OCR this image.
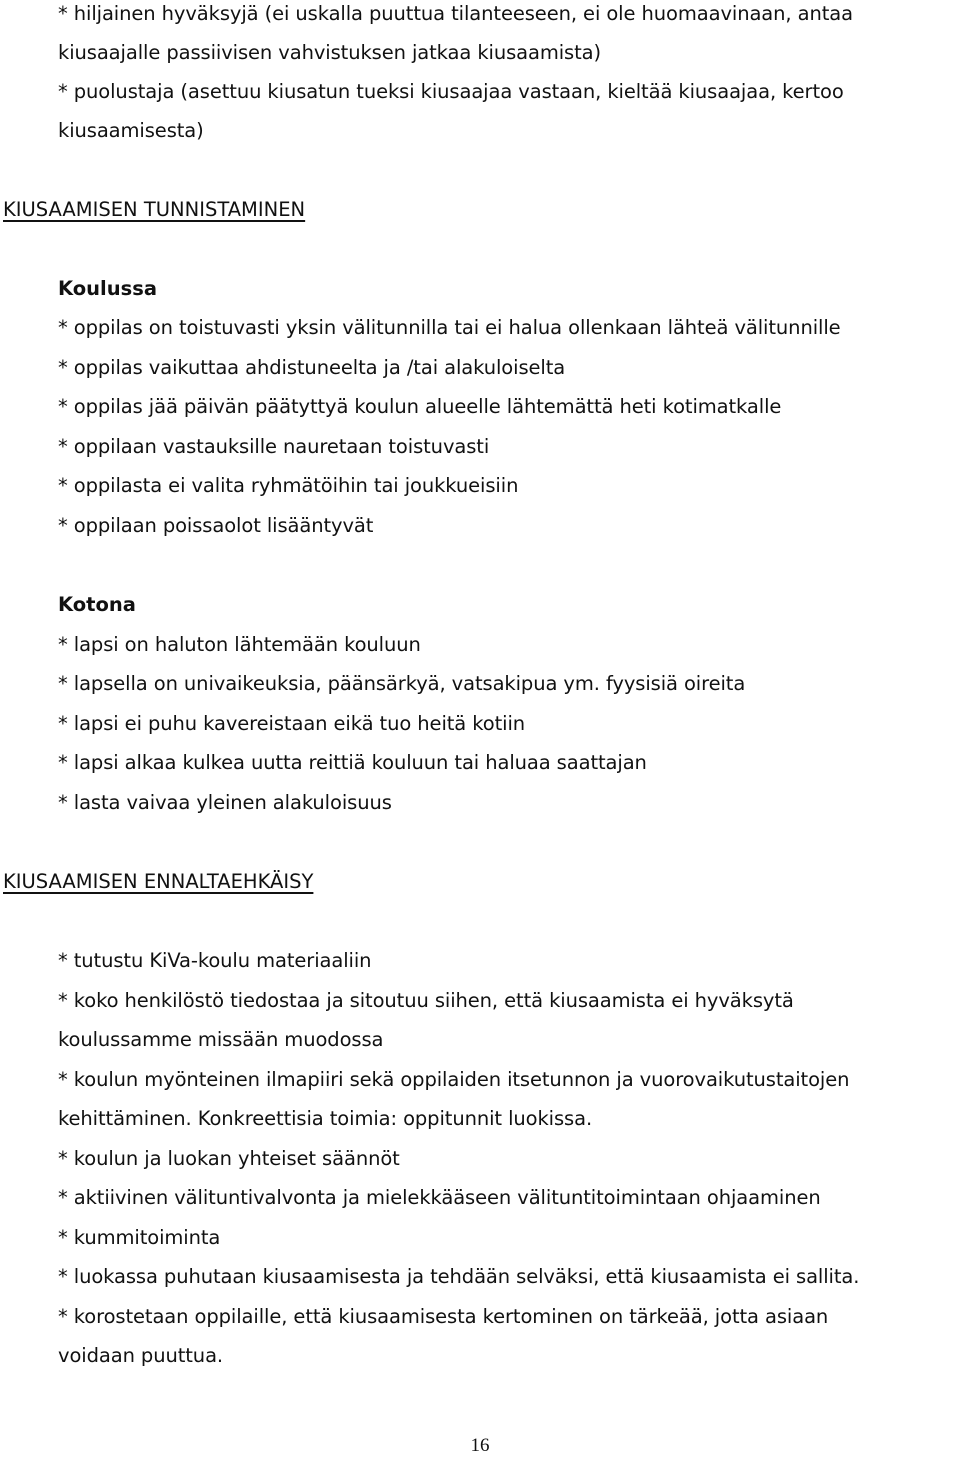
* hiljainen hyväksyjä (ei uskalla puuttua tilanteeseen, ei ole huomaavinaan, antaa
kiusaajalle passiivisen vahvistuksen jatkaa kiusaamista)
* puolustaja (asettuu kiusatun tueksi kiusaajaa vastaan, kieltää kiusaajaa, kertoo
kiusaamisesta)
KIUSAAMISEN TUNNISTAMINEN
Koulussa
* oppilas on toistuvasti yksin välitunnilla tai ei halua ollenkaan lähteä välitunnille
* oppilas vaikuttaa ahdistuneelta ja /tai alakuloiselta
* oppilas jää päivän päätyttyä koulun alueelle lähtemättä heti kotimatkalle
* oppilaan vastauksille nauretaan toistuvasti
* oppilasta ei valita ryhmätöihin tai joukkueisiin
* oppilaan poissaolot lisääntyvät
Kotona
* lapsi on haluton lähtemään kouluun
* lapsella on univaikeuksia, päänsärkyä, vatsakipua ym. fyysisiä oireita
* lapsi ei puhu kavereistaan eikä tuo heitä kotiin
* lapsi alkaa kulkea uutta reittiä kouluun tai haluaa saattajan
* lasta vaivaa yleinen alakuloisuus
KIUSAAMISEN ENNALTAEHKÄISY
* tutustu KiVa-koulu materiaaliin
* koko henkilöstö tiedostaa ja sitoutuu siihen, että kiusaamista ei hyväksytä
koulussamme missään muodossa
* koulun myönteinen ilmapiiri sekä oppilaiden itsetunnon ja vuorovaikutustaitojen
kehittäminen. Konkreettisia toimia: oppitunnit luokissa.
* koulun ja luokan yhteiset säännöt
* aktiivinen välituntivalvonta ja mielekkääseen välituntitoimintaan ohjaaminen
* kummitoiminta
* luokassa puhutaan kiusaamisesta ja tehdään selväksi, että kiusaamista ei sallita.
* korostetaan oppilaille, että kiusaamisesta kertominen on tärkeää, jotta asiaan
voidaan puuttua.
16
